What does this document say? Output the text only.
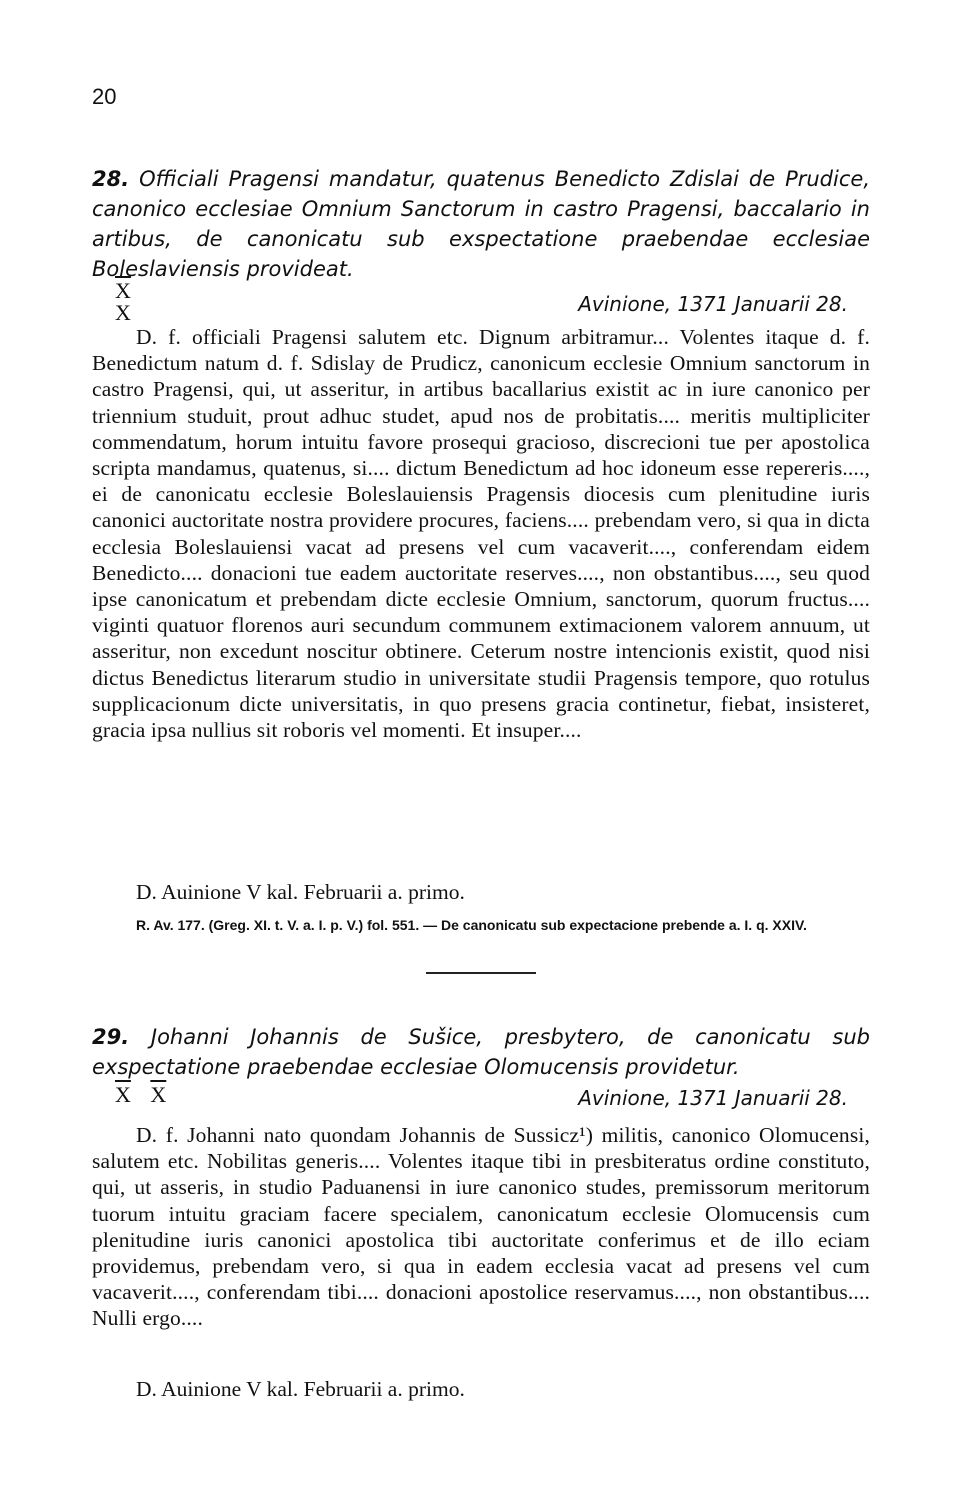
20
28. Officiali Pragensi mandatur, quatenus Benedicto Zdislai de Prudice, canonico ecclesiae Omnium Sanctorum in castro Pragensi, baccalario in artibus, de canonicatu sub exspectatione praebendae ecclesiae Boleslaviensis provideat.
$\overline{X}$
X	Avinione, 1371 Januarii 28.

D. f. officiali Pragensi salutem etc. Dignum arbitramur... Volentes itaque d. f. Benedictum natum d. f. Sdislay de Prudicz, canonicum ecclesie Omnium sanctorum in castro Pragensi, qui, ut asseritur, in artibus bacallarius existit ac in iure canonico per triennium studuit, prout adhuc studet, apud nos de probitatis.... meritis multipliciter commendatum, horum intuitu favore prosequi gracioso, discrecioni tue per apostolica scripta mandamus, quatenus, si.... dictum Benedictum ad hoc idoneum esse repereris...., ei de canonicatu ecclesie Boleslauiensis Pragensis diocesis cum plenitudine iuris canonici auctoritate nostra providere procures, faciens.... prebendam vero, si qua in dicta ecclesia Boleslauiensi vacat ad presens vel cum vacaverit...., conferendam eidem Benedicto.... donacioni tue eadem auctoritate reserves...., non obstantibus...., seu quod ipse canonicatum et prebendam dicte ecclesie Omnium, sanctorum, quorum fructus.... viginti quatuor florenos auri secundum communem extimacionem valorem annuum, ut asseritur, non excedunt noscitur obtinere. Ceterum nostre intencionis existit, quod nisi dictus Benedictus literarum studio in universitate studii Pragensis tempore, quo rotulus supplicacionum dicte universitatis, in quo presens gracia continetur, fiebat, insisteret, gracia ipsa nullius sit roboris vel momenti. Et insuper....

D. Auinione V kal. Februarii a. primo.
R. Av. 177. (Greg. XI. t. V. a. I. p. V.) fol. 551. — De canonicatu sub expectacione prebende a. I. q. XXIV.
29. Johanni Johannis de Sušice, presbytero, de canonicatu sub exspectatione praebendae ecclesiae Olomucensis providetur.
$\overline{X}$ $\overline{X}$	Avinione, 1371 Januarii 28.

D. f. Johanni nato quondam Johannis de Sussicz¹) militis, canonico Olomucensi, salutem etc. Nobilitas generis.... Volentes itaque tibi in presbiteratus ordine constituto, qui, ut asseris, in studio Paduanensi in iure canonico studes, premissorum meritorum tuorum intuitu graciam facere specialem, canonicatum ecclesie Olomucensis cum plenitudine iuris canonici apostolica tibi auctoritate conferimus et de illo eciam providemus, prebendam vero, si qua in eadem ecclesia vacat ad presens vel cum vacaverit...., conferendam tibi.... donacioni apostolice reservamus...., non obstantibus.... Nulli ergo....

D. Auinione V kal. Februarii a. primo.
